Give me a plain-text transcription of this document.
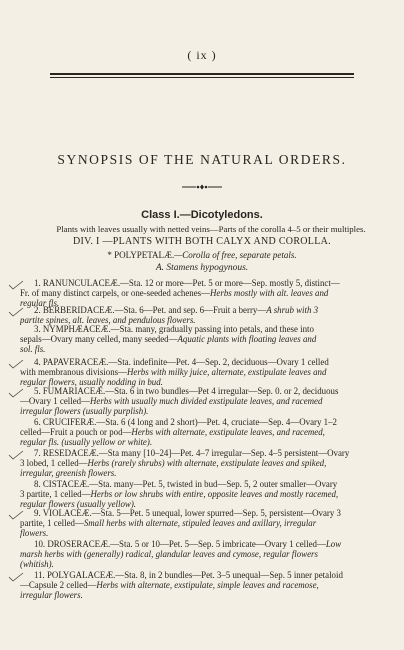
( ix )
SYNOPSIS OF THE NATURAL ORDERS.
Class I.—Dicotyledons.
Plants with leaves usually with netted veins—Parts of the corolla 4–5 or their multiples.
DIV. I —PLANTS WITH BOTH CALYX AND COROLLA.
* POLYPETALÆ.—Corolla of free, separate petals.
A. Stamens hypogynous.
1. RANUNCULACEÆ.—Sta. 12 or more—Pet. 5 or more—Sep. mostly 5, distinct—
Fr. of many distinct carpels, or one-seeded achenes—Herbs mostly with alt. leaves and
regular fls.
2. BERBERIDACEÆ.—Sta. 6—Pet. and sep. 6—Fruit a berry—A shrub with 3
partite spines, alt. leaves, and pendulous flowers.
3. NYMPHÆACEÆ.—Sta. many, gradually passing into petals, and these into
sepals—Ovary many celled, many seeded—Aquatic plants with floating leaves and
sol. fls.
4. PAPAVERACEÆ.—Sta. indefinite—Pet. 4—Sep. 2, deciduous—Ovary 1 celled
with membranous divisions—Herbs with milky juice, alternate, exstipulate leaves and
regular flowers, usually nodding in bud.
5. FUMARIACEÆ.—Sta. 6 in two bundles—Pet 4 irregular—Sep. 0. or 2, deciduous
—Ovary 1 celled—Herbs with usually much divided exstipulate leaves, and racemed
irregular flowers (usually purplish).
6. CRUCIFERÆ.—Sta. 6 (4 long and 2 short)—Pet. 4, cruciate—Sep. 4—Ovary 1–2
celled—Fruit a pouch or pod—Herbs with alternate, exstipulate leaves, and racemed,
regular fls. (usually yellow or white).
7. RESEDACEÆ.—Sta many [10–24]—Pet. 4–7 irregular—Sep. 4–5 persistent—Ovary
3 lobed, 1 celled—Herbs (rarely shrubs) with alternate, exstipulate leaves and spiked,
irregular, greenish flowers.
8. CISTACEÆ.—Sta. many—Pet. 5, twisted in bud—Sep. 5, 2 outer smaller—Ovary
3 partite, 1 celled—Herbs or low shrubs with entire, opposite leaves and mostly racemed,
regular flowers (usually yellow).
9. VIOLACEÆ.—Sta. 5—Pet. 5 unequal, lower spurred—Sep. 5, persistent—Ovary 3
partite, 1 celled—Small herbs with alternate, stipuled leaves and axillary, irregular
flowers.
10. DROSERACEÆ.—Sta. 5 or 10—Pet. 5—Sep. 5 imbricate—Ovary 1 celled—Low
marsh herbs with (generally) radical, glandular leaves and cymose, regular flowers
(whitish).
11. POLYGALACEÆ.—Sta. 8, in 2 bundles—Pet. 3–5 unequal—Sep. 5 inner petaloid
—Capsule 2 celled—Herbs with alternate, exstipulate, simple leaves and racemose,
irregular flowers.
